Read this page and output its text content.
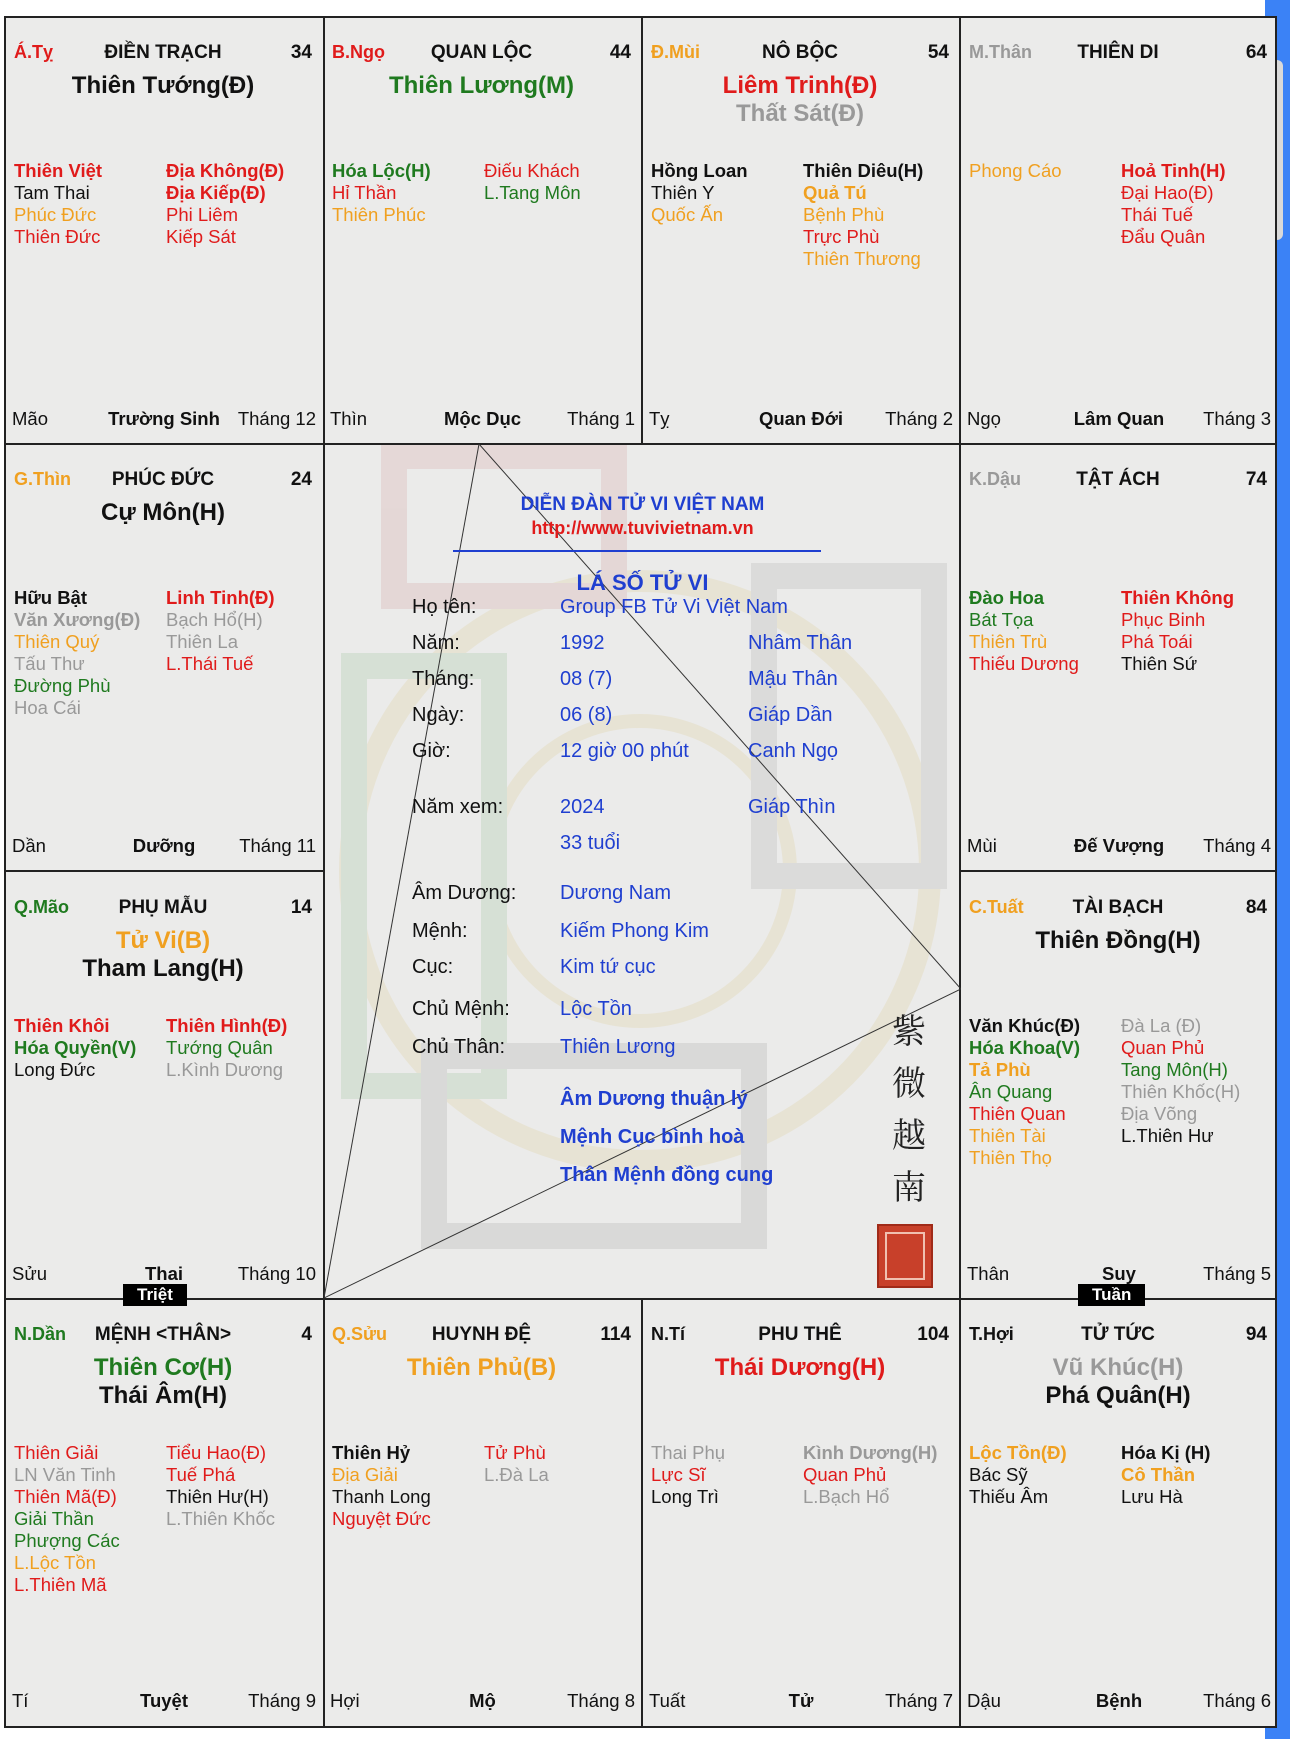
Á.Tỵ	ĐIỀN TRẠCH	34
Thiên Tướng(Đ)
Thiên Việt
Tam Thai
Phúc Đức
Thiên Đức
Địa Không(Đ)
Địa Kiếp(Đ)
Phi Liêm
Kiếp Sát
Mão	Trường Sinh Tháng 12
B.Ngọ	QUAN LỘC	44
Thiên Lương(M)
Hóa Lộc(H)
Hỉ Thần
Thiên Phúc
Điếu Khách
L.Tang Môn
Thìn	Mộc Dục	Tháng 1
Đ.Mùi	NÔ BỘC	54
Liêm Trinh(Đ)
Thất Sát(Đ)
Hồng Loan
Thiên Y
Quốc Ấn
Thiên Diêu(H)
Quả Tú
Bệnh Phù
Trực Phù
Thiên Thương
Tỵ	Quan Đới	Tháng 2
M.Thân	THIÊN DI	64
Phong Cáo	Hoả Tinh(H)
Đại Hao(Đ)
Thái Tuế
Đẩu Quân
Ngọ	Lâm Quan	Tháng 3
G.Thìn	PHÚC ĐỨC	24
Cự Môn(H)
Hữu Bật
Văn Xương(Đ)
Thiên Quý
Tấu Thư
Đường Phù
Hoa Cái
Linh Tinh(Đ)
Bạch Hổ(H)
Thiên La
L.Thái Tuế
Dần	Dưỡng	Tháng 11
K.Dậu	TẬT ÁCH	74
Đào Hoa
Bát Tọa
Thiên Trù
Thiếu Dương
Thiên Không
Phục Binh
Phá Toái
Thiên Sứ
Mùi	Đế Vượng	Tháng 4
Q.Mão	PHỤ MẪU	14
Tử Vi(B)
Tham Lang(H)
Thiên Khôi
Hóa Quyền(V)
Long Đức
Thiên Hình(Đ)
Tướng Quân
L.Kình Dương
Sửu	Thai	Tháng 10
C.Tuất	TÀI BẠCH	84
Thiên Đồng(H)
Văn Khúc(Đ)
Hóa Khoa(V)
Tả Phù
Ân Quang
Thiên Quan
Thiên Tài
Thiên Thọ
Đà La (Đ)
Quan Phủ
Tang Môn(H)
Thiên Khốc(H)
Địa Võng
L.Thiên Hư
Thân	Suy	Tháng 5
N.Dần	MỆNH <THÂN>	4
Thiên Cơ(H)
Thái Âm(H)
Thiên Giải
LN Văn Tinh
Thiên Mã(Đ)
Giải Thần
Phượng Các
L.Lộc Tồn
L.Thiên Mã
Tiểu Hao(Đ)
Tuế Phá
Thiên Hư(H)
L.Thiên Khốc
Tí	Tuyệt	Tháng 9
Q.Sửu	HUYNH ĐỆ	114
Thiên Phủ(B)
Thiên Hỷ
Địa Giải
Thanh Long
Nguyệt Đức
Tử Phù
L.Đà La
Hợi	Mộ	Tháng 8
N.Tí	PHU THÊ	104
Thái Dương(H)
Thai Phụ
Lực Sĩ
Long Trì
Kình Dương(H)
Quan Phủ
L.Bạch Hổ
Tuất	Tử	Tháng 7
T.Hợi	TỬ TỨC	94
Vũ Khúc(H)
Phá Quân(H)
Lộc Tồn(Đ)
Bác Sỹ
Thiếu Âm
Hóa Kị (H)
Cô Thần
Lưu Hà
Dậu	Bệnh	Tháng 6
DIỄN ĐÀN TỬ VI VIỆT NAM
http://www.tuvivietnam.vn
LÁ SỐ TỬ VI
Họ tên:	Group FB Tử Vi Việt Nam
Năm:	1992	Nhâm Thân
Tháng:	08 (7)	Mậu Thân
Ngày:	06 (8)	Giáp Dần
Giờ:	12 giờ 00 phút	Canh Ngọ
Năm xem:	2024	Giáp Thìn
33 tuổi
Âm Dương: Dương Nam
Mệnh:	Kiếm Phong Kim
Cục:	Kim tứ cục
Chủ Mệnh:	Lộc Tồn
Chủ Thân:	Thiên Lương
Âm Dương thuận lý
Mệnh Cục bình hoà
Thân Mệnh đồng cung
紫
微
越
南
Triệt	Tuần
